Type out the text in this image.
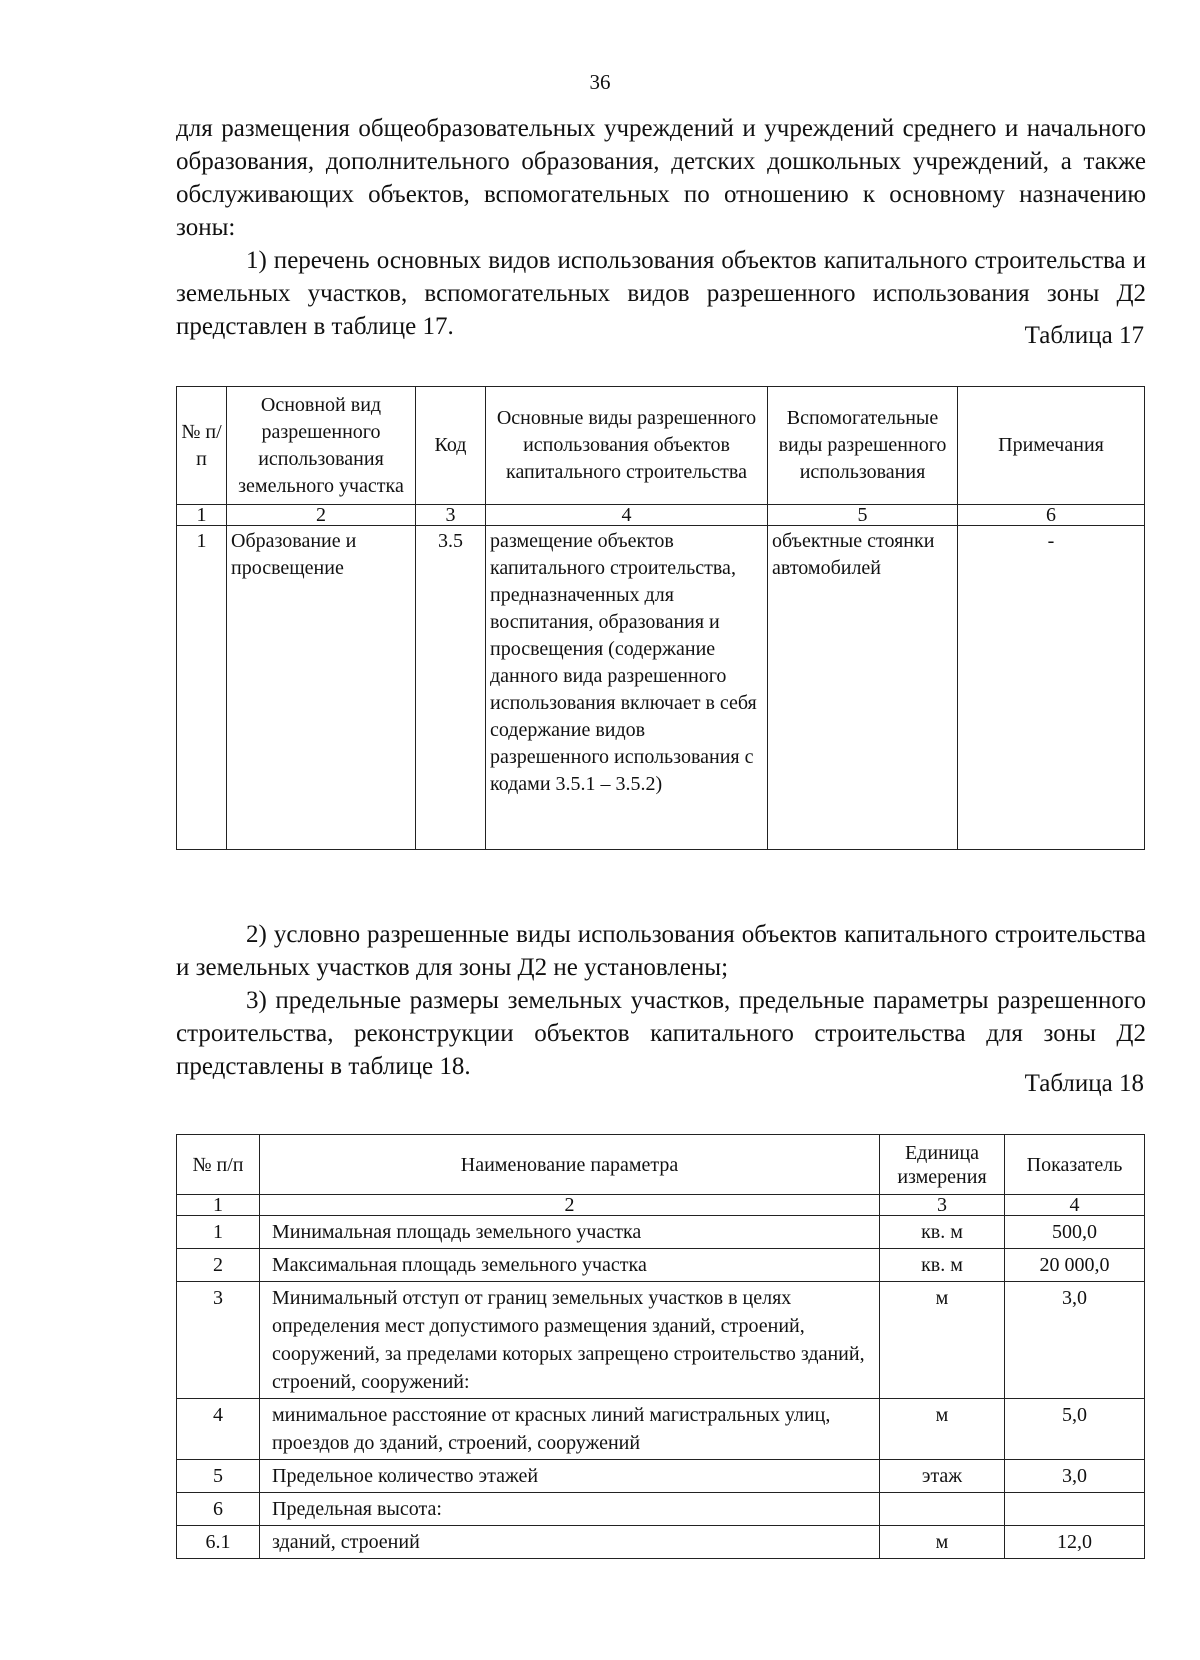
36

для размещения общеобразовательных учреждений и учреждений среднего и начального образования, дополнительного образования, детских дошкольных учреждений, а также обслуживающих объектов, вспомогательных по отношению к основному назначению зоны:

1) перечень основных видов использования объектов капитального строительства и земельных участков, вспомогательных видов разрешенного использования зоны Д2 представлен в таблице 17.	Таблица 17
№ п/п	Основной вид разрешенного использования земельного участка	Код	Основные виды разрешенного использования объектов капитального строительства	Вспомогательные виды разрешенного использования	Примечания
1	2	3	4	5	6
1	Образование и просвещение	3.5	размещение объектов капитального строительства, предназначенных для воспитания, образования и просвещения (содержание данного вида разрешенного использования включает в себя содержание видов разрешенного использования с кодами 3.5.1 – 3.5.2)	объектные стоянки автомобилей	-

2) условно разрешенные виды использования объектов капитального строительства и земельных участков для зоны Д2 не установлены;

3) предельные размеры земельных участков, предельные параметры разрешенного строительства, реконструкции объектов капитального строительства для зоны Д2 представлены в таблице 18.

Таблица 18
№ п/п	Наименование параметра	Единица измерения	Показатель
1	2	3	4
1	Минимальная площадь земельного участка	кв. м	500,0
2	Максимальная площадь земельного участка	кв. м	20 000,0
3	Минимальный отступ от границ земельных участков в целях определения мест допустимого размещения зданий, строений, сооружений, за пределами которых запрещено строительство зданий, строений, сооружений:	м	3,0
4	минимальное расстояние от красных линий магистральных улиц, проездов до зданий, строений, сооружений	м	5,0
5	Предельное количество этажей	этаж	3,0
6	Предельная высота:		
6.1	зданий, строений	м	12,0
